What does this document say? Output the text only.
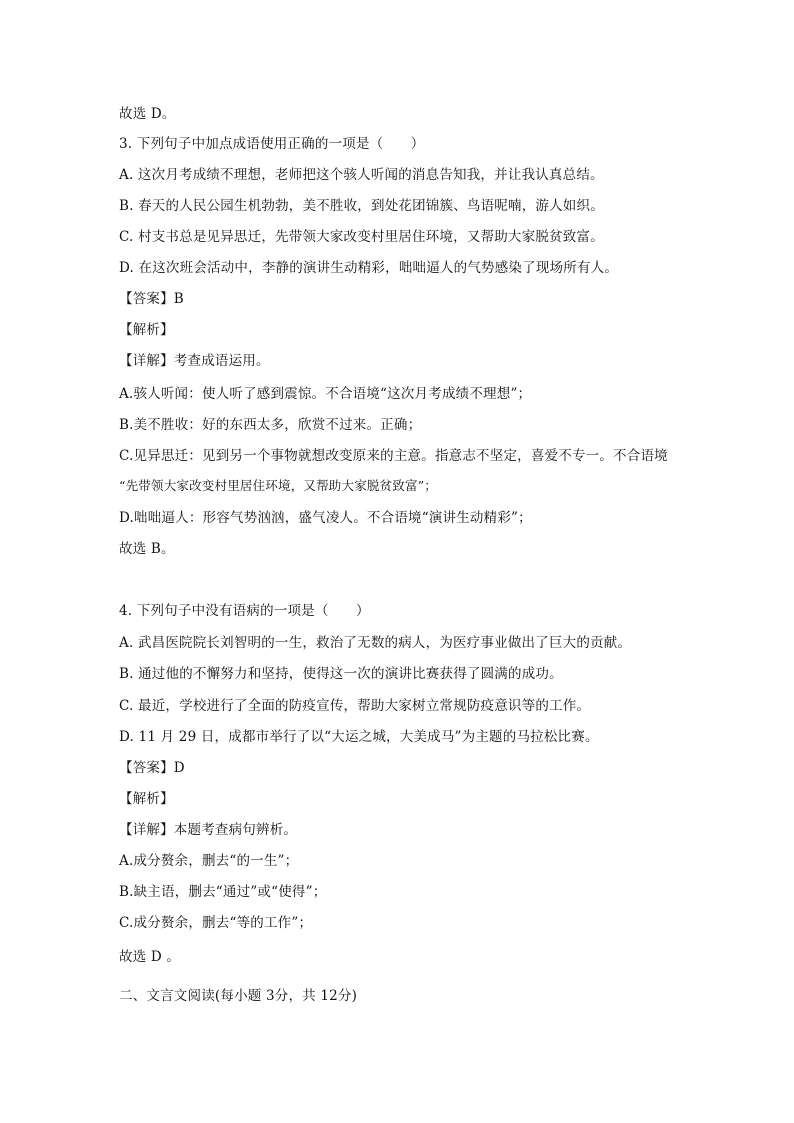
故选 D。
3. 下列句子中加点成语使用正确的一项是（　　）
A. 这次月考成绩不理想，老师把这个骇人听闻的消息告知我，并让我认真总结。
B. 春天的人民公园生机勃勃，美不胜收，到处花团锦簇、鸟语呢喃，游人如织。
C. 村支书总是见异思迁，先带领大家改变村里居住环境，又帮助大家脱贫致富。
D. 在这次班会活动中，李静的演讲生动精彩，咄咄逼人的气势感染了现场所有人。
【答案】B
【解析】
【详解】考查成语运用。
A.骇人听闻：使人听了感到震惊。不合语境“这次月考成绩不理想”；
B.美不胜收：好的东西太多，欣赏不过来。正确；
C.见异思迁：见到另一个事物就想改变原来的主意。指意志不坚定，喜爱不专一。不合语境
“先带领大家改变村里居住环境，又帮助大家脱贫致富”；
D.咄咄逼人：形容气势汹汹，盛气凌人。不合语境“演讲生动精彩”；
故选 B。
4. 下列句子中没有语病的一项是（　　）
A. 武昌医院院长刘智明的一生，救治了无数的病人，为医疗事业做出了巨大的贡献。
B. 通过他的不懈努力和坚持，使得这一次的演讲比赛获得了圆满的成功。
C. 最近，学校进行了全面的防疫宣传，帮助大家树立常规防疫意识等的工作。
D. 11 月 29 日，成都市举行了以“大运之城，大美成马”为主题的马拉松比赛。
【答案】D
【解析】
【详解】本题考查病句辨析。
A.成分赘余，删去“的一生”；
B.缺主语，删去“通过”或“使得”；
C.成分赘余，删去“等的工作”；
故选 D 。
二、文言文阅读(每小题 3分，共 12分)
